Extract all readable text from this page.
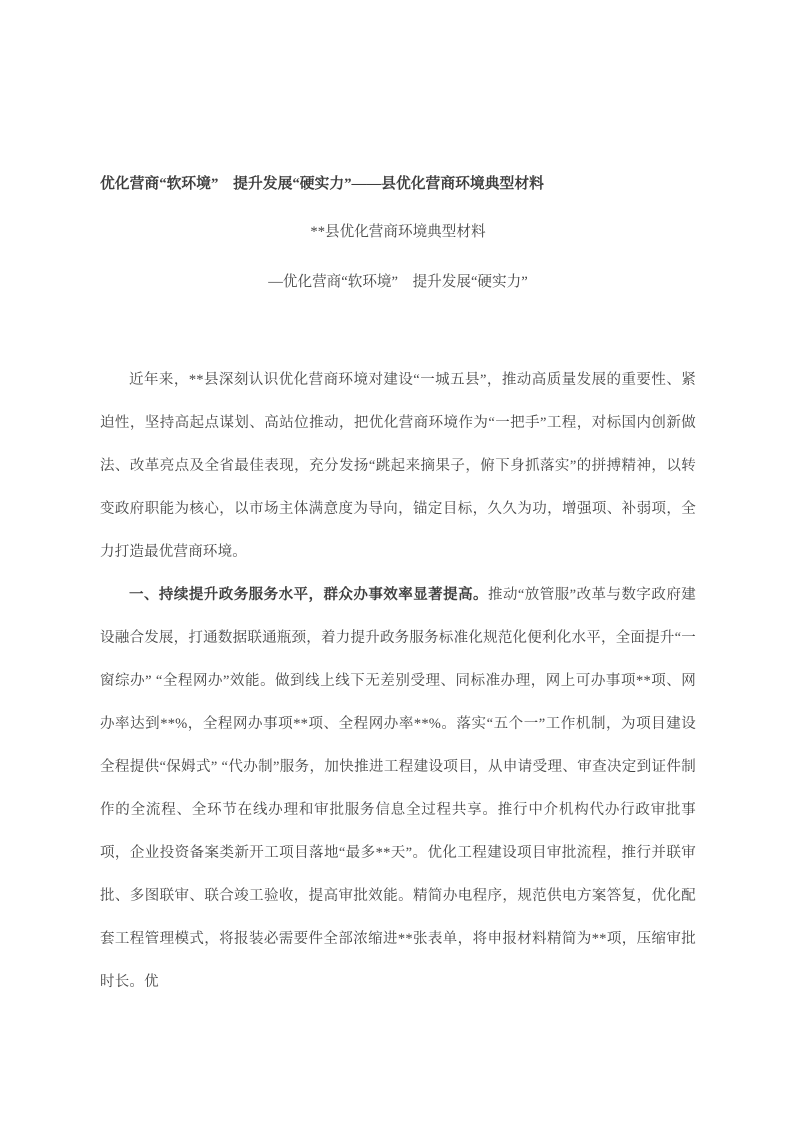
优化营商“软环境”　提升发展“硬实力”——县优化营商环境典型材料
**县优化营商环境典型材料
—优化营商“软环境”　提升发展“硬实力”

近年来，**县深刻认识优化营商环境对建设“一城五县”，推动高质量发展的重要性、紧迫性，坚持高起点谋划、高站位推动，把优化营商环境作为“一把手”工程，对标国内创新做法、改革亮点及全省最佳表现，充分发扬“跳起来摘果子，俯下身抓落实”的拼搏精神，以转变政府职能为核心，以市场主体满意度为导向，锚定目标，久久为功，增强项、补弱项，全力打造最优营商环境。

一、持续提升政务服务水平，群众办事效率显著提高。推动“放管服”改革与数字政府建设融合发展，打通数据联通瓶颈，着力提升政务服务标准化规范化便利化水平，全面提升“一窗综办” “全程网办”效能。做到线上线下无差别受理、同标准办理，网上可办事项**项、网办率达到**%，全程网办事项**项、全程网办率**%。落实“五个一”工作机制，为项目建设全程提供“保姆式” “代办制”服务，加快推进工程建设项目，从申请受理、审查决定到证件制作的全流程、全环节在线办理和审批服务信息全过程共享。推行中介机构代办行政审批事项，企业投资备案类新开工项目落地“最多**天”。优化工程建设项目审批流程，推行并联审批、多图联审、联合竣工验收，提高审批效能。精简办电程序，规范供电方案答复，优化配套工程管理模式，将报装必需要件全部浓缩进**张表单，将申报材料精简为**项，压缩审批时长。优
